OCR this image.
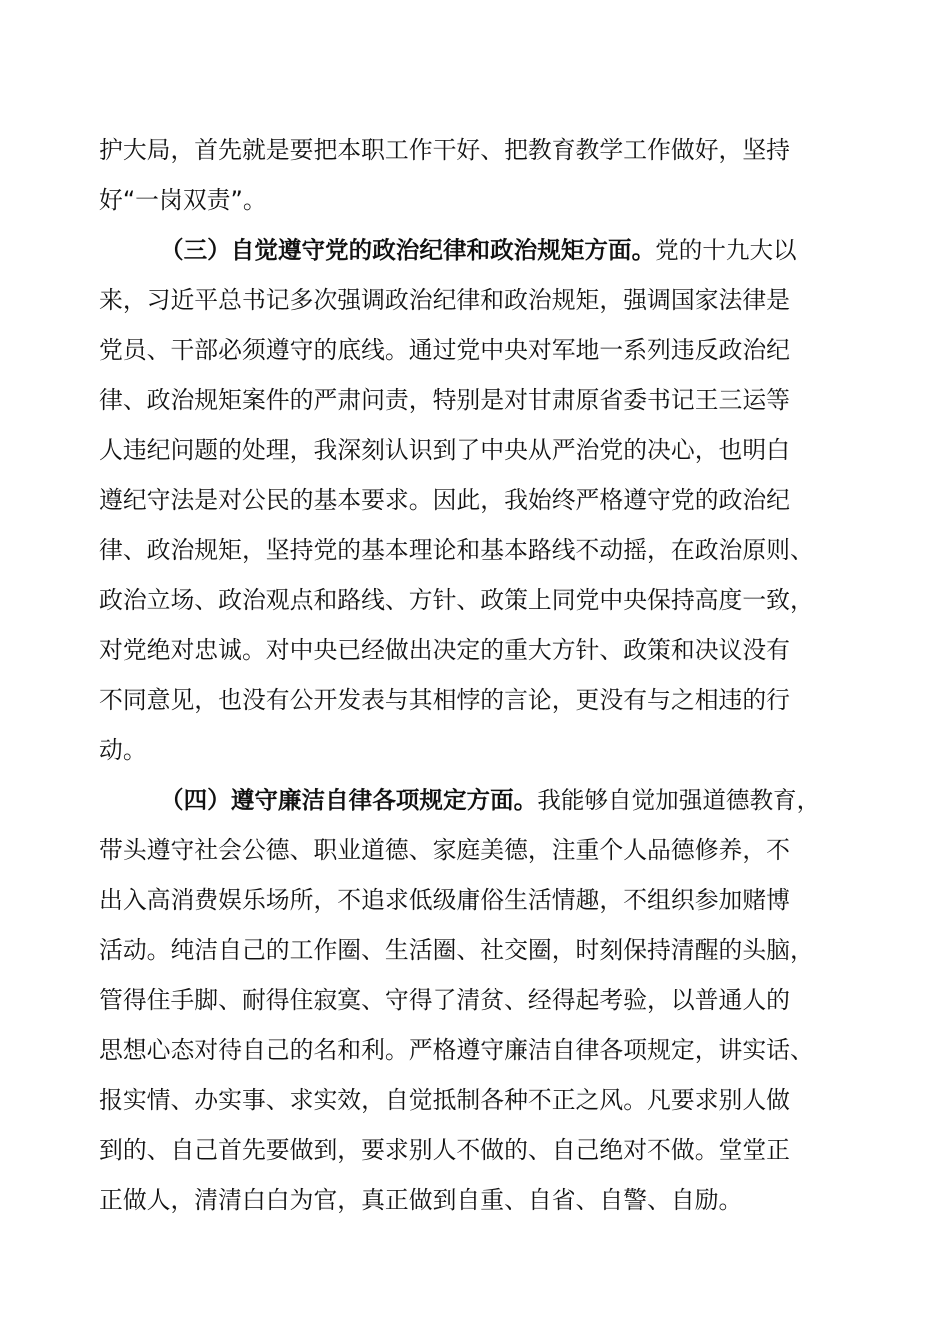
护大局，首先就是要把本职工作干好、把教育教学工作做好，坚持
好“一岗双责”。
（三）自觉遵守党的政治纪律和政治规矩方面。党的十九大以
来，习近平总书记多次强调政治纪律和政治规矩，强调国家法律是
党员、干部必须遵守的底线。通过党中央对军地一系列违反政治纪
律、政治规矩案件的严肃问责，特别是对甘肃原省委书记王三运等
人违纪问题的处理，我深刻认识到了中央从严治党的决心，也明白
遵纪守法是对公民的基本要求。因此，我始终严格遵守党的政治纪
律、政治规矩，坚持党的基本理论和基本路线不动摇，在政治原则、
政治立场、政治观点和路线、方针、政策上同党中央保持高度一致，
对党绝对忠诚。对中央已经做出决定的重大方针、政策和决议没有
不同意见，也没有公开发表与其相悖的言论，更没有与之相违的行
动。
（四）遵守廉洁自律各项规定方面。我能够自觉加强道德教育，
带头遵守社会公德、职业道德、家庭美德，注重个人品德修养，不
出入高消费娱乐场所，不追求低级庸俗生活情趣，不组织参加赌博
活动。纯洁自己的工作圈、生活圈、社交圈，时刻保持清醒的头脑，
管得住手脚、耐得住寂寞、守得了清贫、经得起考验，以普通人的
思想心态对待自己的名和利。严格遵守廉洁自律各项规定，讲实话、
报实情、办实事、求实效，自觉抵制各种不正之风。凡要求别人做
到的、自己首先要做到，要求别人不做的、自己绝对不做。堂堂正
正做人，清清白白为官，真正做到自重、自省、自警、自励。
